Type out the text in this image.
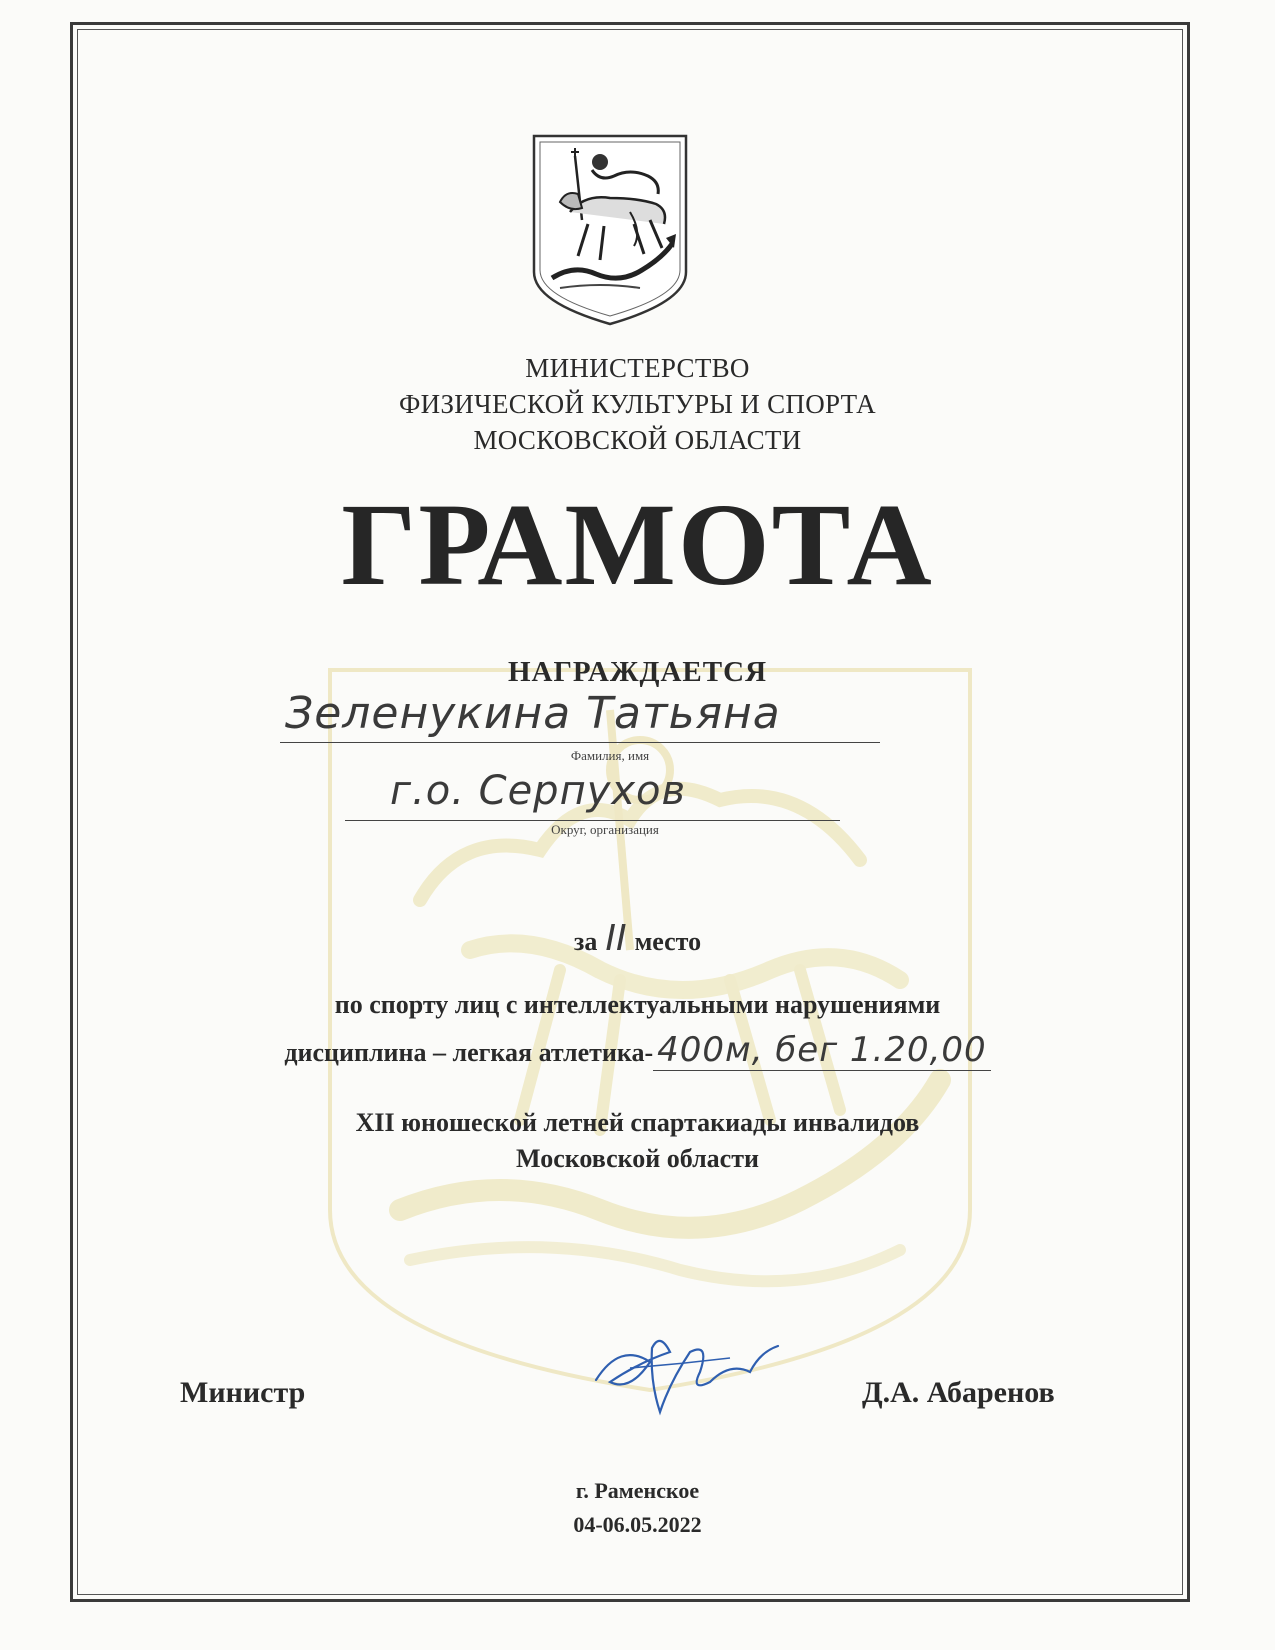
МИНИСТЕРСТВО
ФИЗИЧЕСКОЙ КУЛЬТУРЫ И СПОРТА
МОСКОВСКОЙ ОБЛАСТИ
ГРАМОТА
НАГРАЖДАЕТСЯ
Зеленукина Татьяна
Фамилия, имя
г.о. Серпухов
Округ, организация
за II место
по спорту лиц с интеллектуальными нарушениями
дисциплина – легкая атлетика- 400м, бег 1.20,00
XII юношеской летней спартакиады инвалидов
Московской области
Министр	Д.А. Абаренов
г. Раменское
04-06.05.2022
